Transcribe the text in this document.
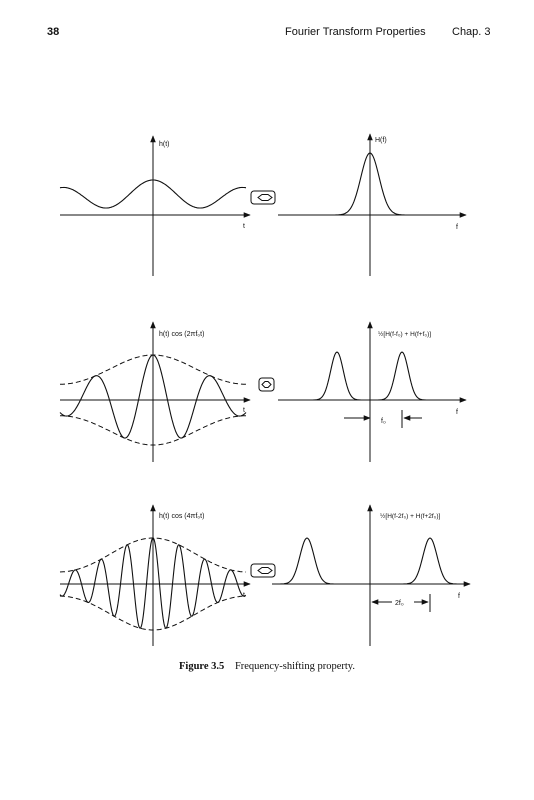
38	Fourier Transform Properties Chap. 3
h(t)
t
H(f)
f
h(t) cos (2πf₀t)
t
½[H(f-f₀) + H(f+f₀)]
f
f₀
h(t) cos (4πf₀t)
t
½[H(f-2f₀) + H(f+2f₀)]
f
2f₀
Figure 3.5 Frequency-shifting property.
